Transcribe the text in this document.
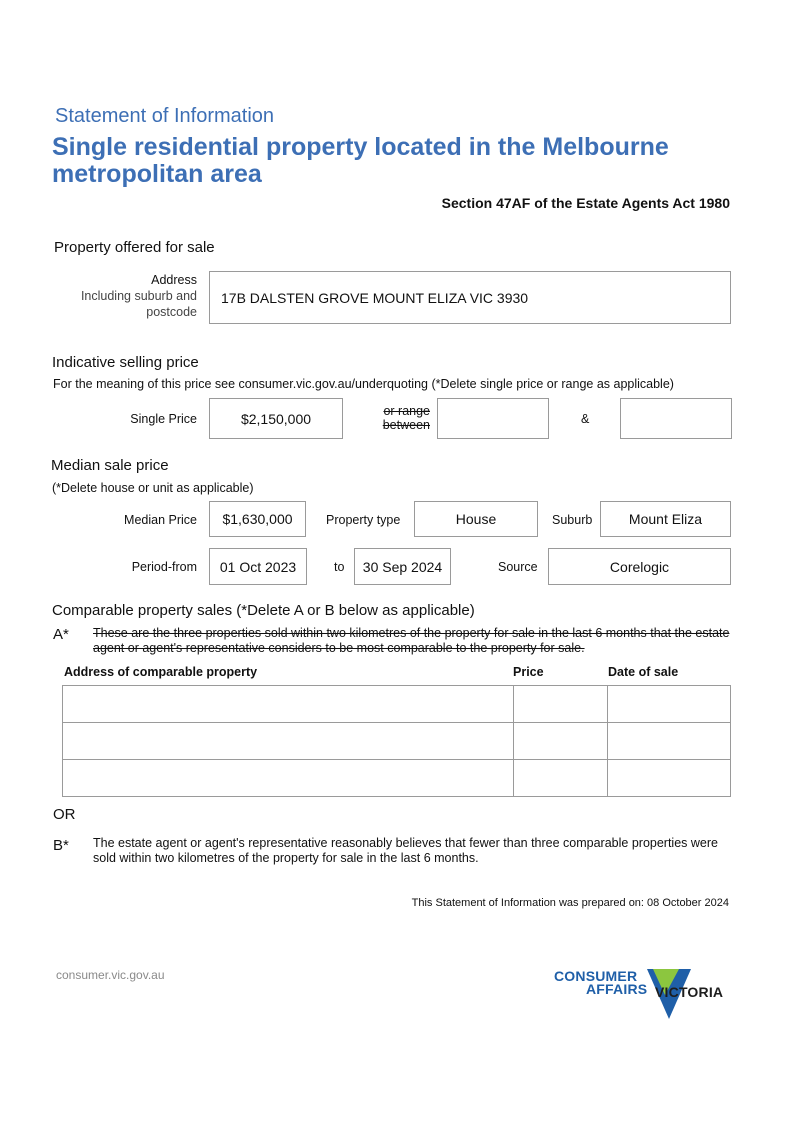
Statement of Information
Single residential property located in the Melbourne metropolitan area
Section 47AF of the Estate Agents Act 1980
Property offered for sale
Address
Including suburb and postcode
17B DALSTEN GROVE MOUNT ELIZA VIC 3930
Indicative selling price
For the meaning of this price see consumer.vic.gov.au/underquoting (*Delete single price or range as applicable)
Single Price	$2,150,000	or range
between	&
Median sale price
(*Delete house or unit as applicable)
Median Price $1,630,000	Property type	House	Suburb	Mount Eliza
Period-from 01 Oct 2023	to 30 Sep 2024	Source	Corelogic
Comparable property sales (*Delete A or B below as applicable)
A* These are the three properties sold within two kilometres of the property for sale in the last 6 months that the estate agent or agent's representative considers to be most comparable to the property for sale.
Address of comparable property	Price	Date of sale

OR
B* The estate agent or agent's representative reasonably believes that fewer than three comparable properties were sold within two kilometres of the property for sale in the last 6 months.
This Statement of Information was prepared on: 08 October 2024
consumer.vic.gov.au	CONSUMER
AFFAIRS VICTORIA
